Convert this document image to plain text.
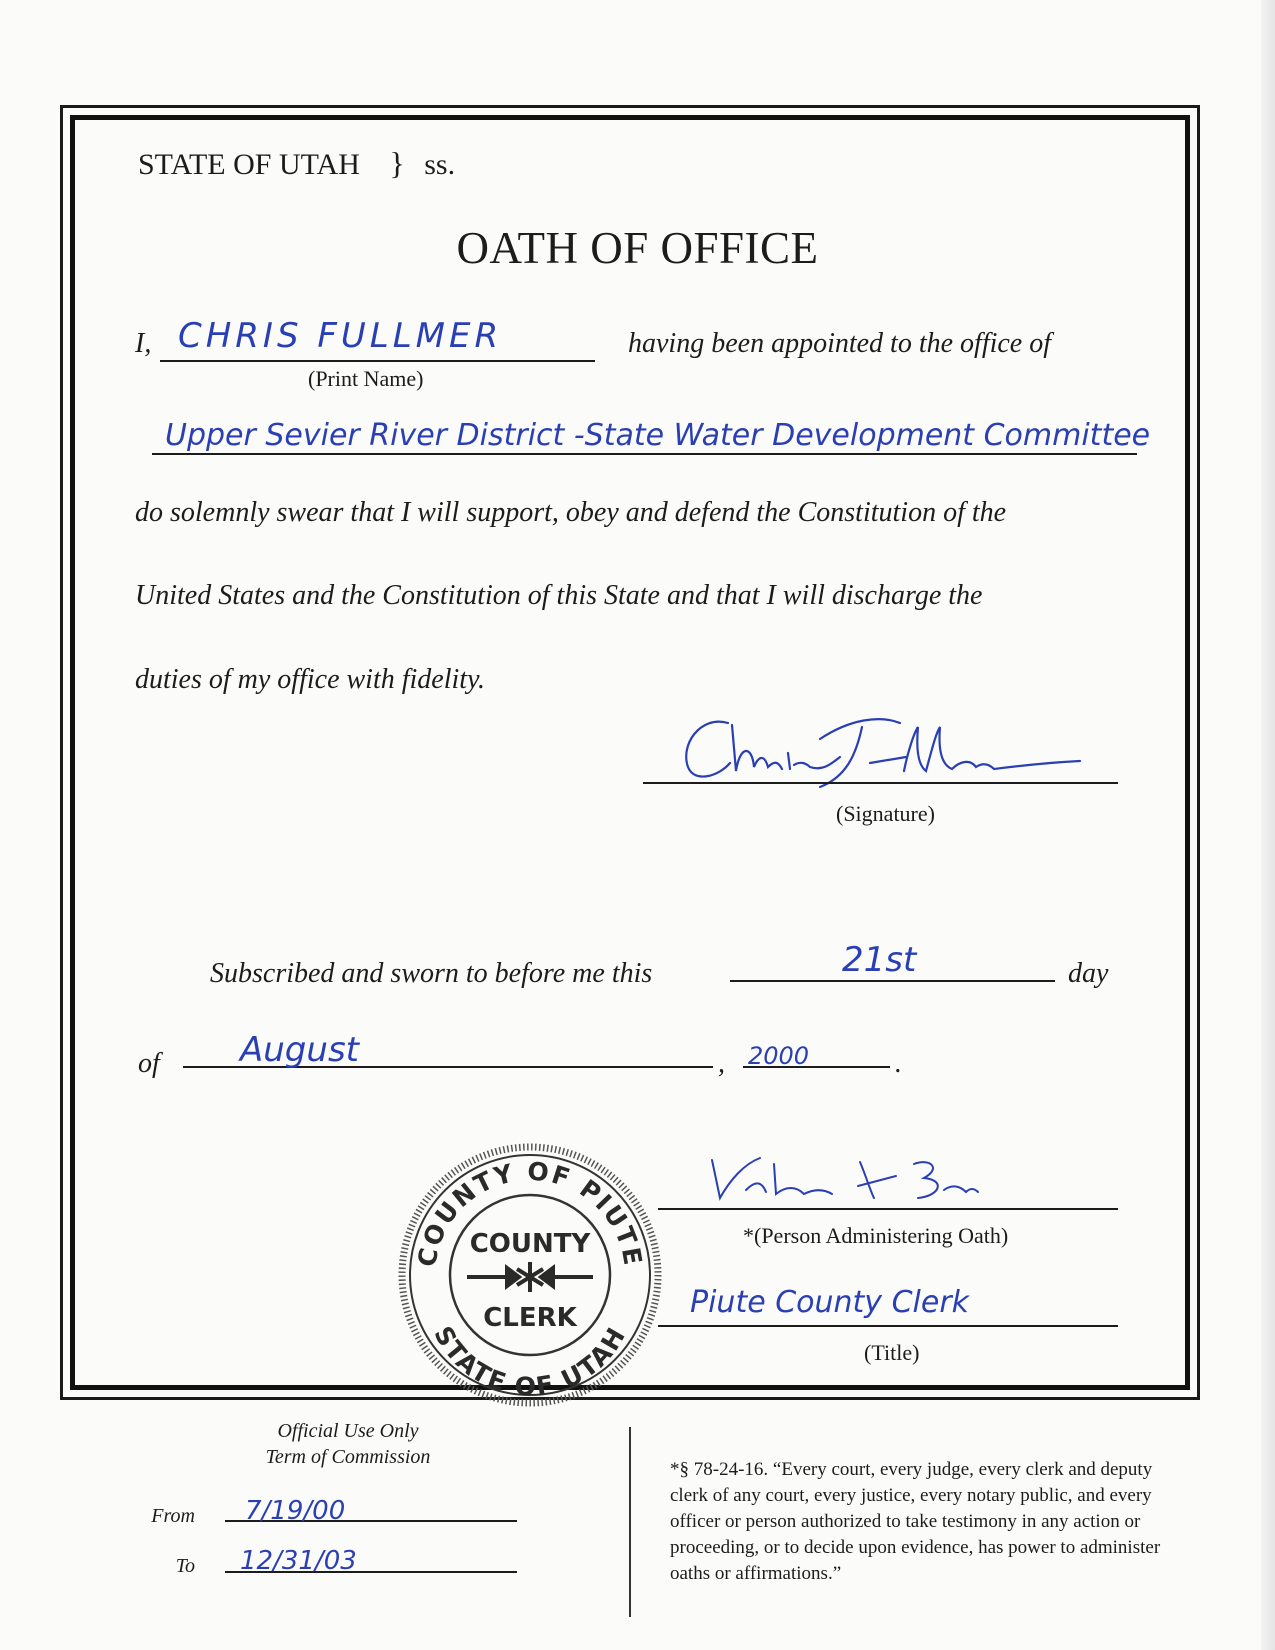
STATE OF UTAH } ss.
OATH OF OFFICE
I, CHRIS FULLMER
(Print Name)
having been appointed to the office of
Upper Sevier River District -State Water Development Committee
do solemnly swear that I will support, obey and defend the Constitution of the
United States and the Constitution of this State and that I will discharge the
duties of my office with fidelity.
(Signature)
Subscribed and sworn to before me this	21st	day
of August	, 2000	.
*(Person Administering Oath)
Piute County Clerk
(Title)
COUNTY OF PIUTE
STATE OF UTAH
COUNTY
CLERK
Official Use Only
Term of Commission
From 7/19/00
To 12/31/03
*§ 78-24-16. “Every court, every judge, every clerk and deputy clerk of any court, every justice, every notary public, and every officer or person authorized to take testimony in any action or proceeding, or to decide upon evidence, has power to administer oaths or affirmations.”
